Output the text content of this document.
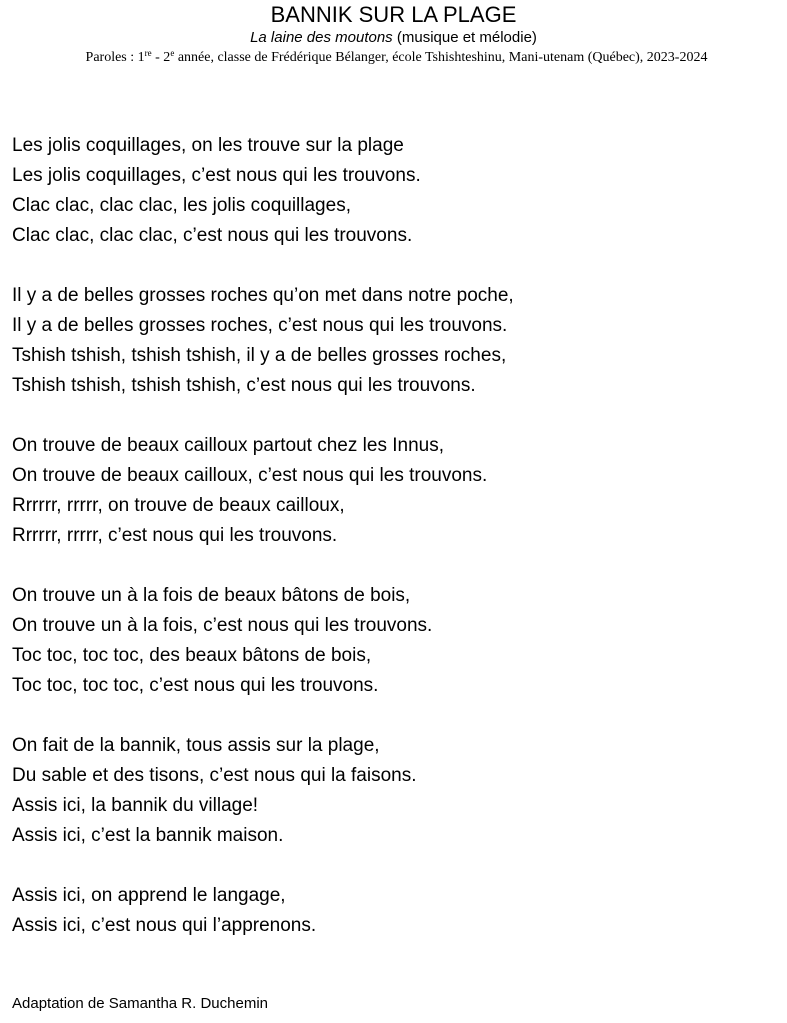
BANNIK SUR LA PLAGE

La laine des moutons (musique et mélodie)

Paroles : 1re - 2e année, classe de Frédérique Bélanger, école Tshishteshinu, Mani-utenam (Québec), 2023-2024

Les jolis coquillages, on les trouve sur la plage
Les jolis coquillages, c’est nous qui les trouvons.
Clac clac, clac clac, les jolis coquillages,
Clac clac, clac clac, c’est nous qui les trouvons.
Il y a de belles grosses roches qu’on met dans notre poche,
Il y a de belles grosses roches, c’est nous qui les trouvons.
Tshish tshish, tshish tshish, il y a de belles grosses roches,
Tshish tshish, tshish tshish, c’est nous qui les trouvons.
On trouve de beaux cailloux partout chez les Innus,
On trouve de beaux cailloux, c’est nous qui les trouvons.
Rrrrrr, rrrrr, on trouve de beaux cailloux,
Rrrrrr, rrrrr, c’est nous qui les trouvons.
On trouve un à la fois de beaux bâtons de bois,
On trouve un à la fois, c’est nous qui les trouvons.
Toc toc, toc toc, des beaux bâtons de bois,
Toc toc, toc toc, c’est nous qui les trouvons.
On fait de la bannik, tous assis sur la plage,
Du sable et des tisons, c’est nous qui la faisons.
Assis ici, la bannik du village!
Assis ici, c’est la bannik maison.
Assis ici, on apprend le langage,
Assis ici, c’est nous qui l’apprenons.
Adaptation de Samantha R. Duchemin
